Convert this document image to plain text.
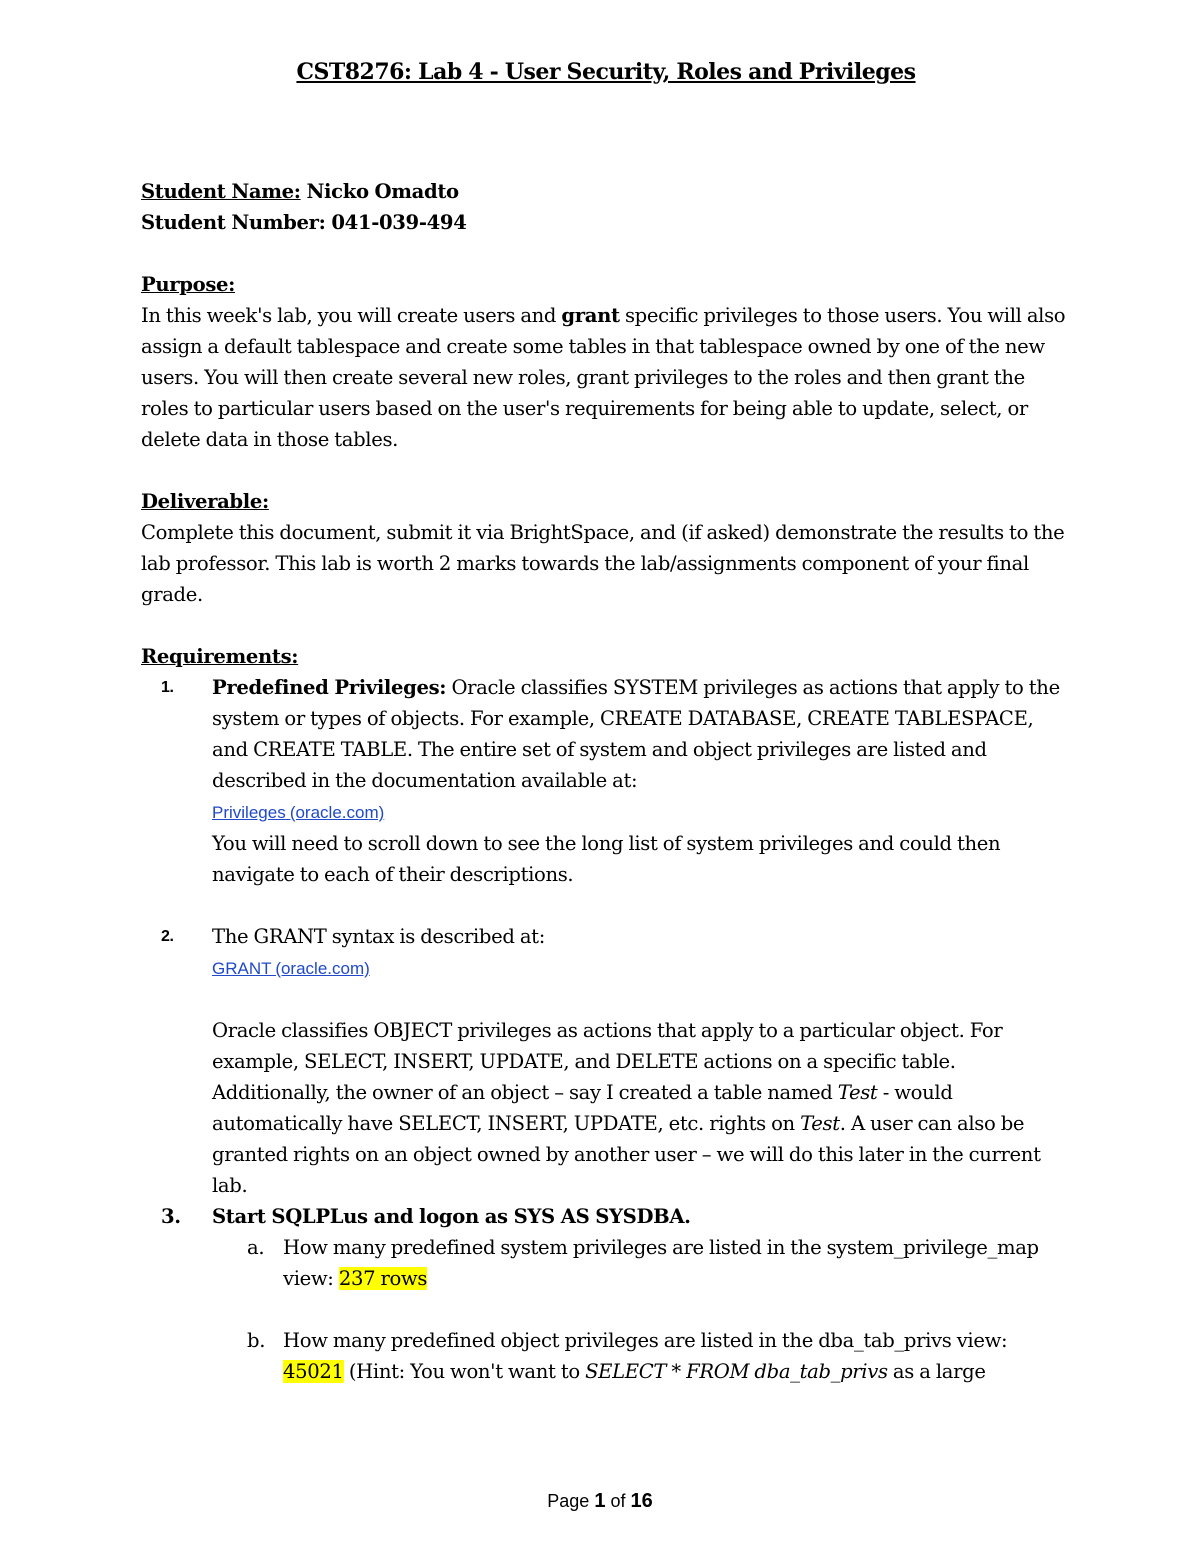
CST8276: Lab 4 - User Security, Roles and Privileges

Student Name: Nicko Omadto

Student Number: 041-039-494

Purpose:

In this week's lab, you will create users and grant specific privileges to those users. You will also assign a default tablespace and create some tables in that tablespace owned by one of the new users. You will then create several new roles, grant privileges to the roles and then grant the roles to particular users based on the user's requirements for being able to update, select, or delete data in those tables.

Deliverable:

Complete this document, submit it via BrightSpace, and (if asked) demonstrate the results to the lab professor. This lab is worth 2 marks towards the lab/assignments component of your final grade.

Requirements:

1. Predefined Privileges: Oracle classifies SYSTEM privileges as actions that apply to the system or types of objects. For example, CREATE DATABASE, CREATE TABLESPACE, and CREATE TABLE. The entire set of system and object privileges are listed and described in the documentation available at:

Privileges (oracle.com)

You will need to scroll down to see the long list of system privileges and could then navigate to each of their descriptions.

2. The GRANT syntax is described at:

GRANT (oracle.com)

Oracle classifies OBJECT privileges as actions that apply to a particular object. For example, SELECT, INSERT, UPDATE, and DELETE actions on a specific table. Additionally, the owner of an object – say I created a table named Test - would automatically have SELECT, INSERT, UPDATE, etc. rights on Test. A user can also be granted rights on an object owned by another user – we will do this later in the current lab.

3. Start SQLPLus and logon as SYS AS SYSDBA.

a. How many predefined system privileges are listed in the system_privilege_map view: 237 rows

b. How many predefined object privileges are listed in the dba_tab_privs view: 45021 (Hint: You won't want to SELECT * FROM dba_tab_privs as a large

Page 1 of 16
